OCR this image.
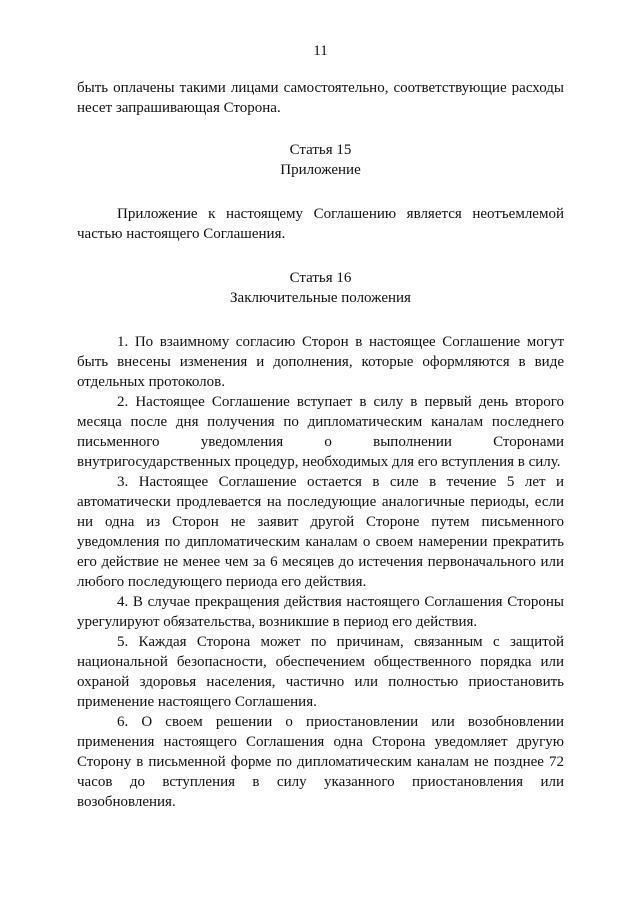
11

быть оплачены такими лицами самостоятельно, соответствующие расходы несет запрашивающая Сторона.

Статья 15
Приложение

Приложение к настоящему Соглашению является неотъемлемой частью настоящего Соглашения.

Статья 16
Заключительные положения

1. По взаимному согласию Сторон в настоящее Соглашение могут быть внесены изменения и дополнения, которые оформляются в виде отдельных протоколов.

2. Настоящее Соглашение вступает в силу в первый день второго месяца после дня получения по дипломатическим каналам последнего письменного уведомления о выполнении Сторонами внутригосударственных процедур, необходимых для его вступления в силу.

3. Настоящее Соглашение остается в силе в течение 5 лет и автоматически продлевается на последующие аналогичные периоды, если ни одна из Сторон не заявит другой Стороне путем письменного уведомления по дипломатическим каналам о своем намерении прекратить его действие не менее чем за 6 месяцев до истечения первоначального или любого последующего периода его действия.

4. В случае прекращения действия настоящего Соглашения Стороны урегулируют обязательства, возникшие в период его действия.

5. Каждая Сторона может по причинам, связанным с защитой национальной безопасности, обеспечением общественного порядка или охраной здоровья населения, частично или полностью приостановить применение настоящего Соглашения.

6. О своем решении о приостановлении или возобновлении применения настоящего Соглашения одна Сторона уведомляет другую Сторону в письменной форме по дипломатическим каналам не позднее 72 часов до вступления в силу указанного приостановления или возобновления.
